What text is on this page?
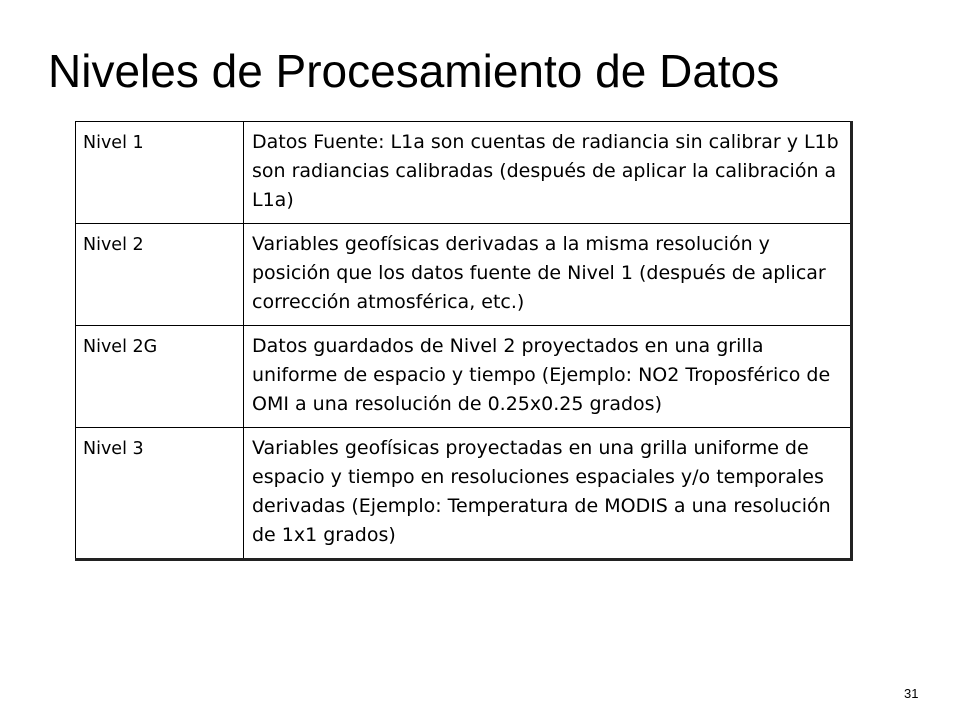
Niveles de Procesamiento de Datos
Nivel 1	Datos Fuente: L1a son cuentas de radiancia sin calibrar y L1b son radiancias calibradas (después de aplicar la calibración a L1a)
Nivel 2	Variables geofísicas derivadas a la misma resolución y posición que los datos fuente de Nivel 1 (después de aplicar corrección atmosférica, etc.)
Nivel 2G	Datos guardados de Nivel 2 proyectados en una grilla uniforme de espacio y tiempo (Ejemplo: NO2 Troposférico de OMI a una resolución de 0.25x0.25 grados)
Nivel 3	Variables geofísicas proyectadas en una grilla uniforme de espacio y tiempo en resoluciones espaciales y/o temporales derivadas (Ejemplo: Temperatura de MODIS a una resolución de 1x1 grados)
31
